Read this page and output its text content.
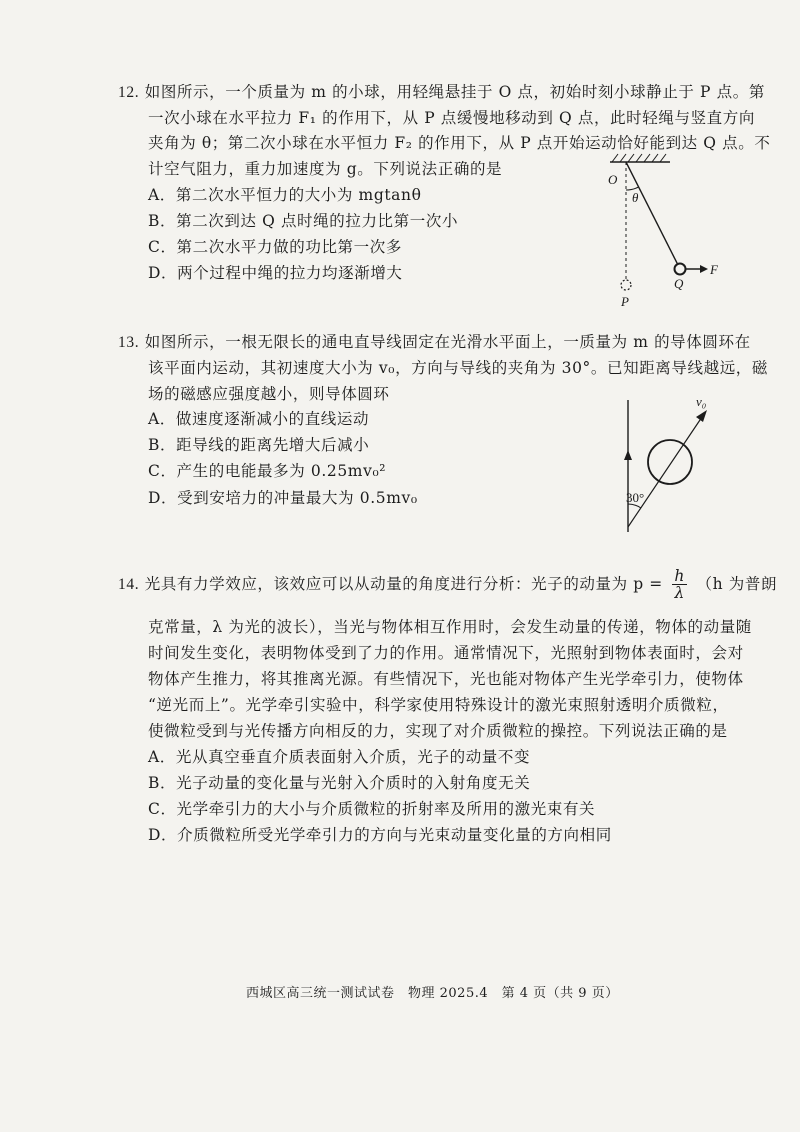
12. 如图所示，一个质量为 m 的小球，用轻绳悬挂于 O 点，初始时刻小球静止于 P 点。第
一次小球在水平拉力 F₁ 的作用下，从 P 点缓慢地移动到 Q 点，此时轻绳与竖直方向
夹角为 θ；第二次小球在水平恒力 F₂ 的作用下，从 P 点开始运动恰好能到达 Q 点。不
计空气阻力，重力加速度为 g。下列说法正确的是
A．第二次水平恒力的大小为 mgtanθ
B．第二次到达 Q 点时绳的拉力比第一次小
C．第二次水平力做的功比第一次多
D．两个过程中绳的拉力均逐渐增大
O
θ
P
Q
F
13. 如图所示，一根无限长的通电直导线固定在光滑水平面上，一质量为 m 的导体圆环在
该平面内运动，其初速度大小为 v₀，方向与导线的夹角为 30°。已知距离导线越远，磁
场的磁感应强度越小，则导体圆环
A．做速度逐渐减小的直线运动
B．距导线的距离先增大后减小
C．产生的电能最多为 0.25mv₀²
D．受到安培力的冲量最大为 0.5mv₀
v₀
30°
14. 光具有力学效应，该效应可以从动量的角度进行分析：光子的动量为 $p = \frac{h}{\lambda} (h$ 为普朗
克常量，λ 为光的波长），当光与物体相互作用时，会发生动量的传递，物体的动量随
时间发生变化，表明物体受到了力的作用。通常情况下，光照射到物体表面时，会对
物体产生推力，将其推离光源。有些情况下，光也能对物体产生光学牵引力，使物体
“逆光而上”。光学牵引实验中，科学家使用特殊设计的激光束照射透明介质微粒，
使微粒受到与光传播方向相反的力，实现了对介质微粒的操控。下列说法正确的是
A．光从真空垂直介质表面射入介质，光子的动量不变
B．光子动量的变化量与光射入介质时的入射角度无关
C．光学牵引力的大小与介质微粒的折射率及所用的激光束有关
D．介质微粒所受光学牵引力的方向与光束动量变化量的方向相同
西城区高三统一测试试卷　物理 2025.4　第 4 页（共 9 页）
